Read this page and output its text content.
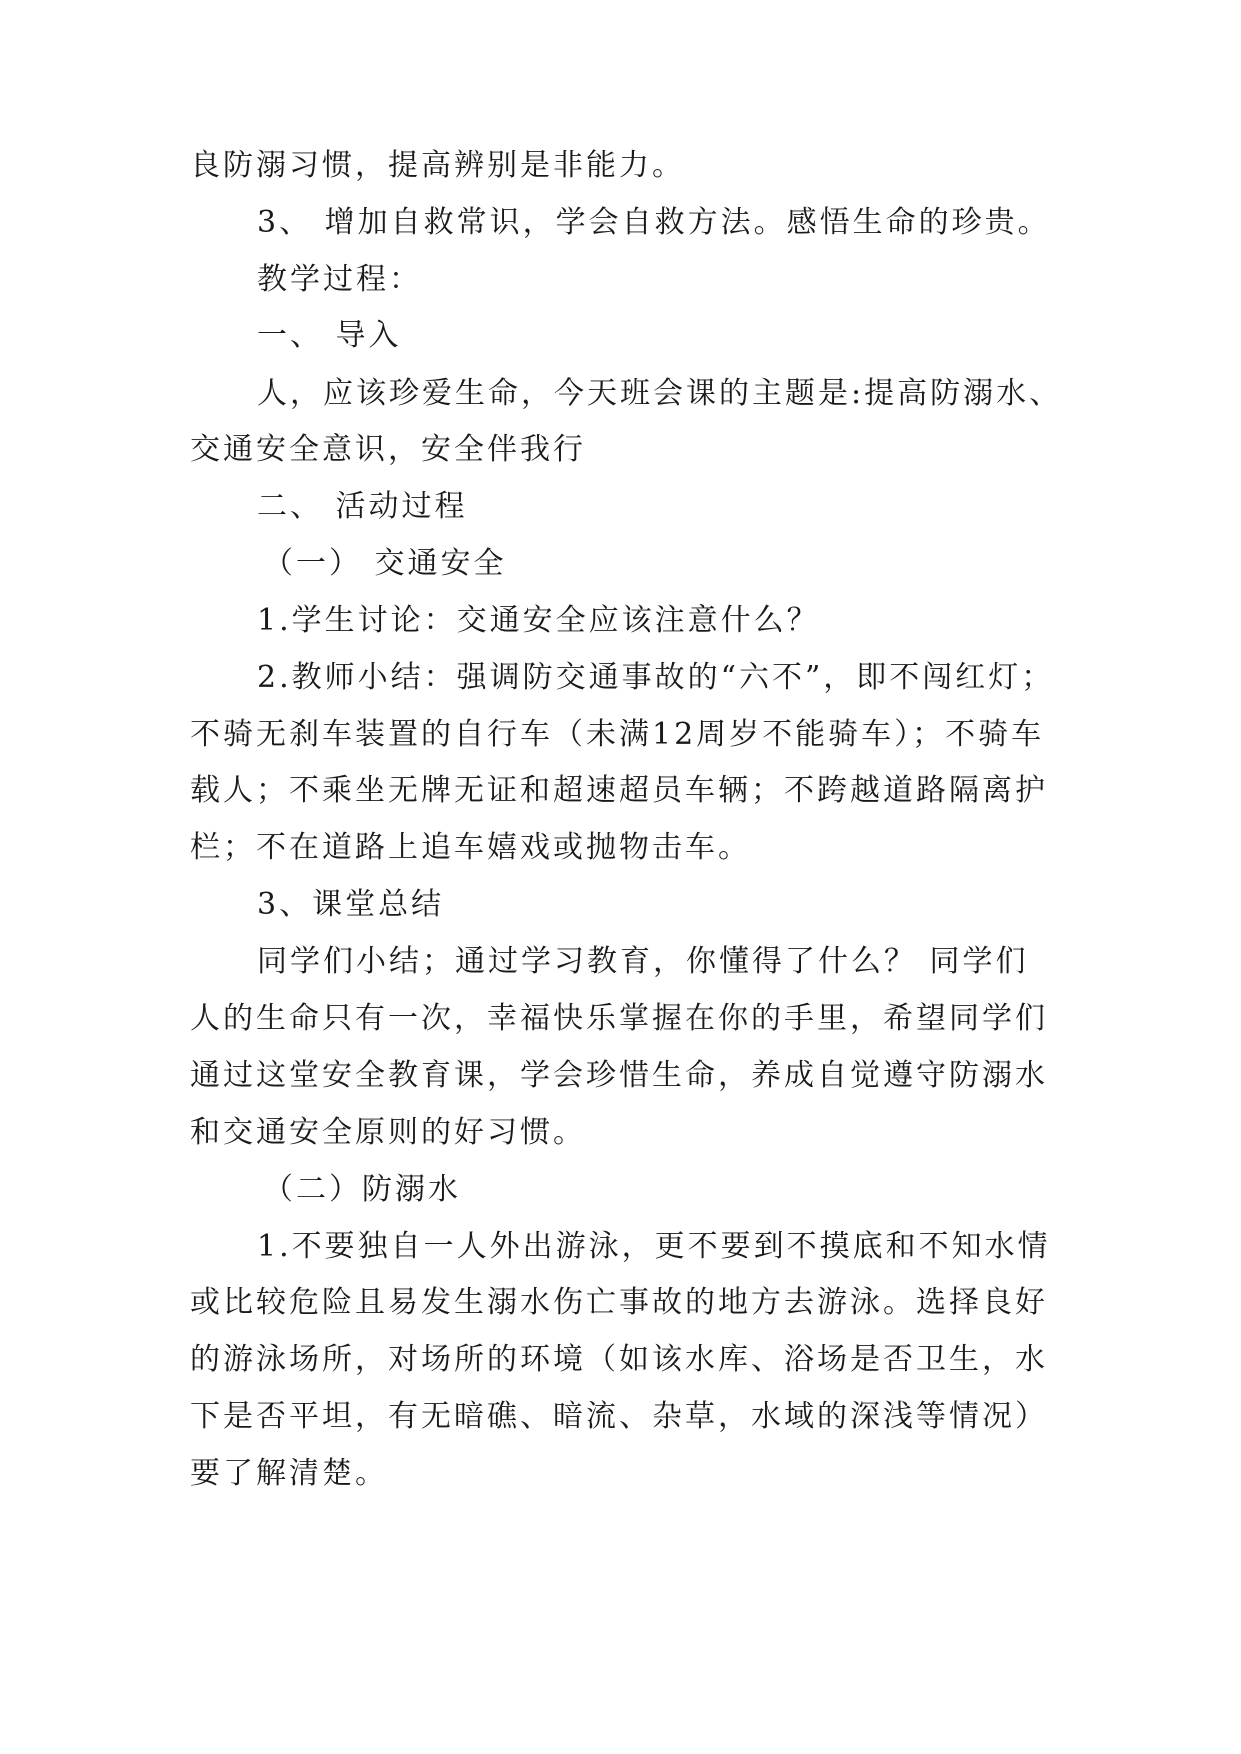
良防溺习惯，提高辨别是非能力。

3、 增加自救常识，学会自救方法。感悟生命的珍贵。

教学过程：

一、 导入

人，应该珍爱生命，今天班会课的主题是:提高防溺水、

交通安全意识，安全伴我行

二、 活动过程

（一） 交通安全

1.学生讨论：交通安全应该注意什么？

2.教师小结：强调防交通事故的“六不”，即不闯红灯；

不骑无刹车装置的自行车（未满12周岁不能骑车）；不骑车

载人；不乘坐无牌无证和超速超员车辆；不跨越道路隔离护

栏；不在道路上追车嬉戏或抛物击车。

3、课堂总结

同学们小结；通过学习教育，你懂得了什么？ 同学们

人的生命只有一次，幸福快乐掌握在你的手里，希望同学们

通过这堂安全教育课，学会珍惜生命，养成自觉遵守防溺水

和交通安全原则的好习惯。

（二）防溺水

1.不要独自一人外出游泳，更不要到不摸底和不知水情

或比较危险且易发生溺水伤亡事故的地方去游泳。选择良好

的游泳场所，对场所的环境（如该水库、浴场是否卫生，水

下是否平坦，有无暗礁、暗流、杂草，水域的深浅等情况）

要了解清楚。
